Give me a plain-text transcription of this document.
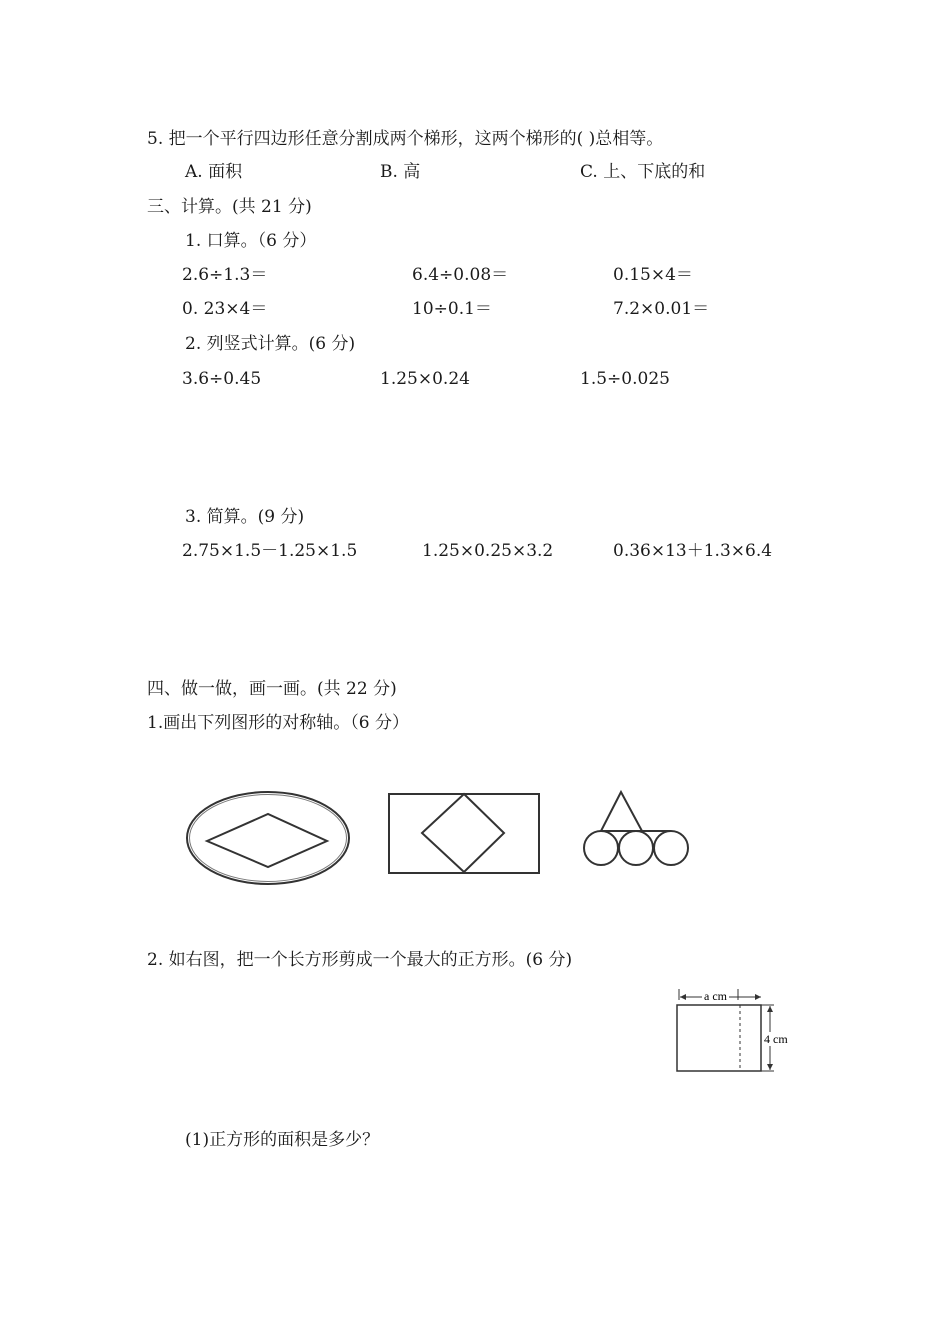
5. 把一个平行四边形任意分割成两个梯形，这两个梯形的( )总相等。
A. 面积	B. 高	C. 上、下底的和
三、计算。(共 21 分)
1. 口算。（6 分）
2.6÷1.3＝	6.4÷0.08＝	0.15×4＝
0. 23×4＝	10÷0.1＝	7.2×0.01＝
2. 列竖式计算。(6 分)
3.6÷0.45	1.25×0.24	1.5÷0.025
3. 简算。(9 分)
2.75×1.5－1.25×1.5	1.25×0.25×3.2	0.36×13＋1.3×6.4
四、做一做，画一画。(共 22 分)
1.画出下列图形的对称轴。（6 分）
2. 如右图，把一个长方形剪成一个最大的正方形。(6 分)
a cm
4 cm
(1)正方形的面积是多少？
